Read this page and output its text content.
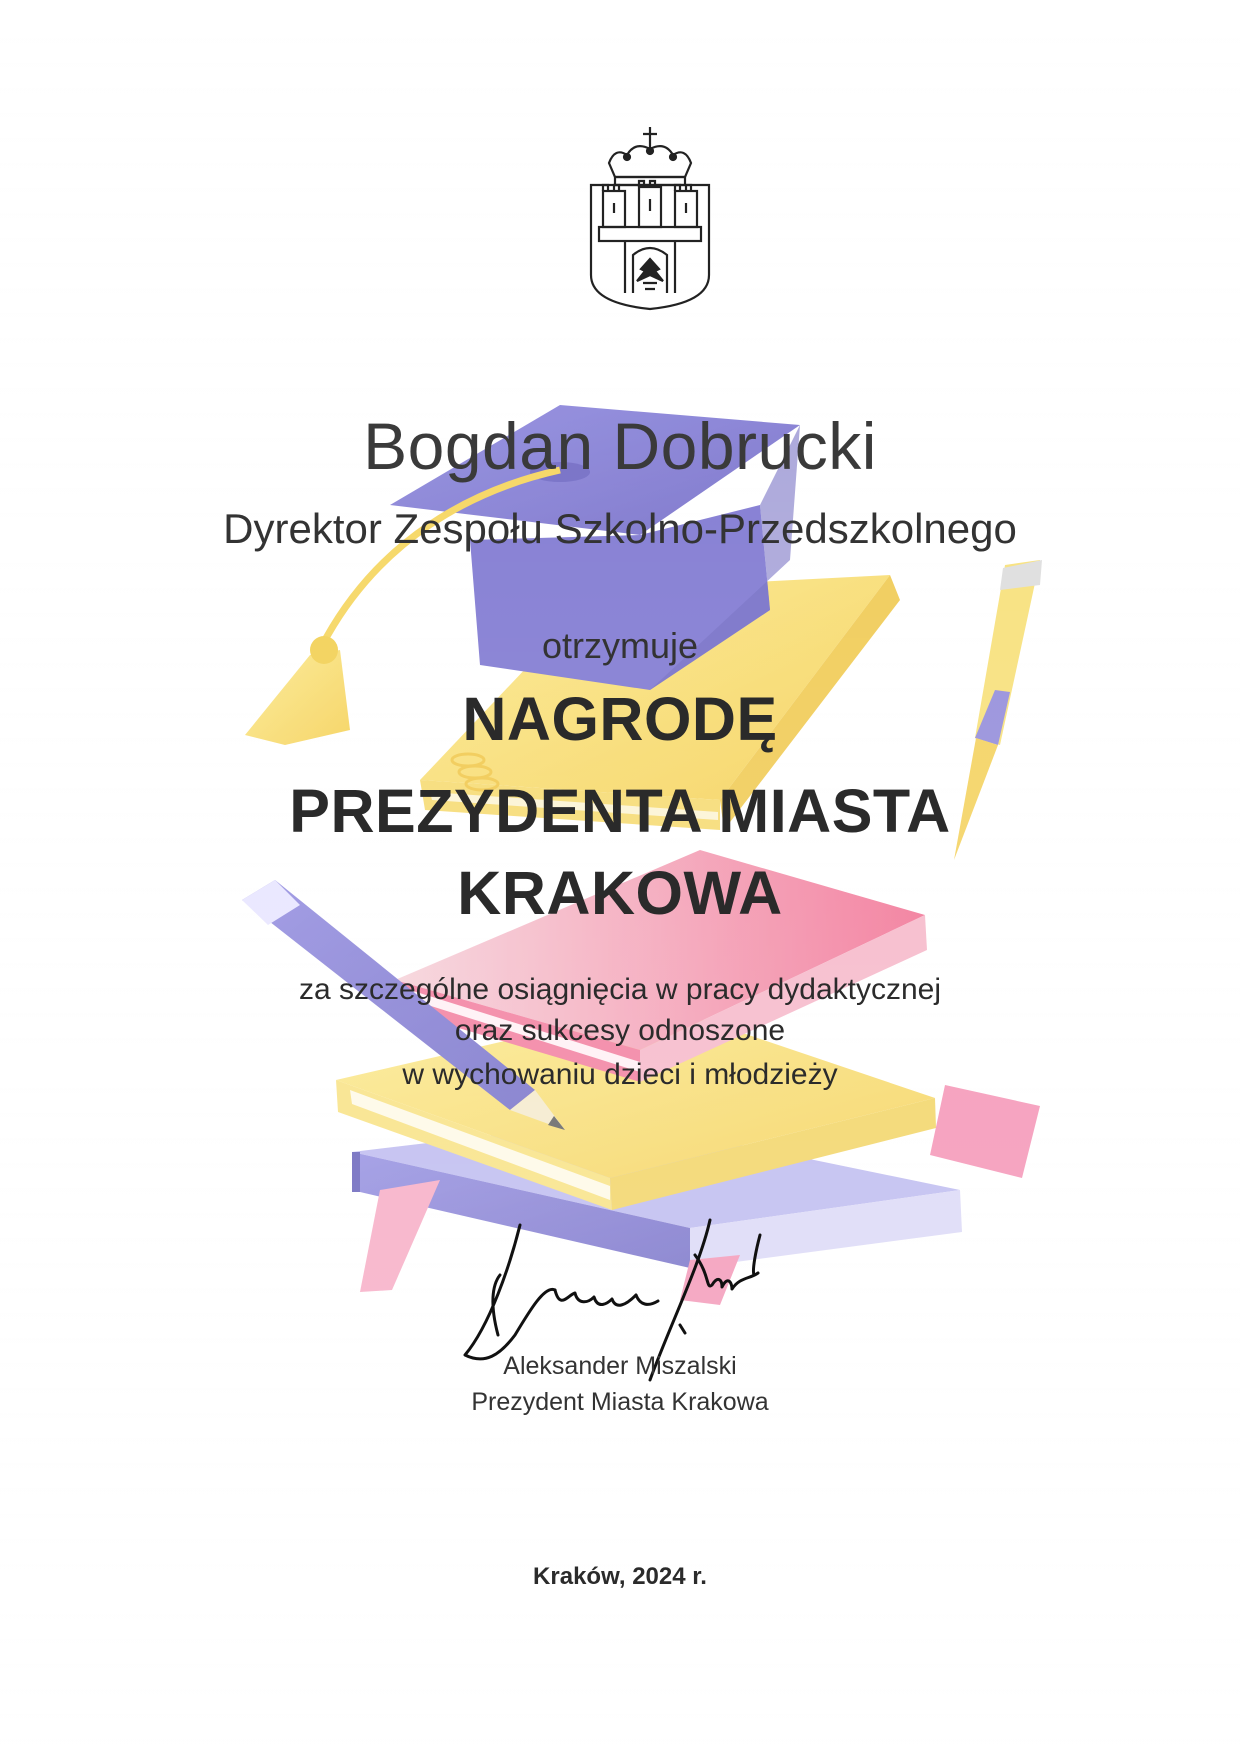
Bogdan Dobrucki
Dyrektor Zespołu Szkolno-Przedszkolnego
otrzymuje
NAGRODĘ
PREZYDENTA MIASTA
KRAKOWA
za szczególne osiągnięcia w pracy dydaktycznej
oraz sukcesy odnoszone
w wychowaniu dzieci i młodzieży
Aleksander Miszalski
Prezydent Miasta Krakowa
Kraków, 2024 r.
